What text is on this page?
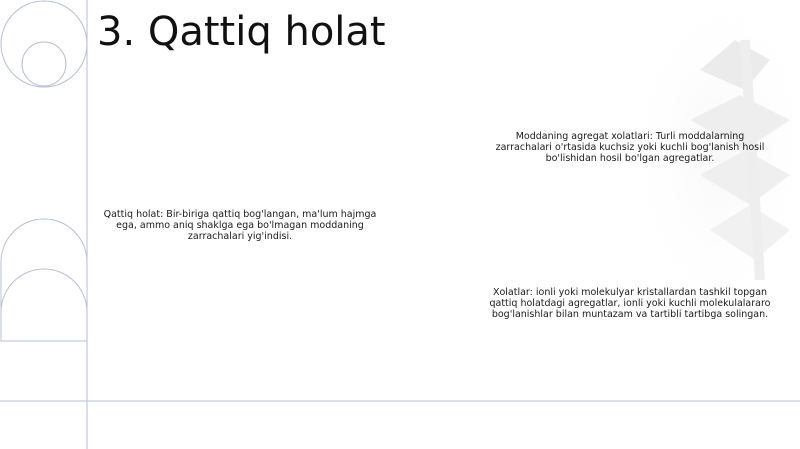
3. Qattiq holat
Qattiq holat: Bir-biriga qattiq bog'langan, ma'lum hajmga ega, ammo aniq shaklga ega bo'lmagan moddaning zarrachalari yig'indisi.
Moddaning agregat xolatlari: Turli moddalarning zarrachalari o'rtasida kuchsiz yoki kuchli bog'lanish hosil bo'lishidan hosil bo'lgan agregatlar.
Xolatlar: ionli yoki molekulyar kristallardan tashkil topgan qattiq holatdagi agregatlar, ionli yoki kuchli molekulalararo bog'lanishlar bilan muntazam va tartibli tartibga solingan.
